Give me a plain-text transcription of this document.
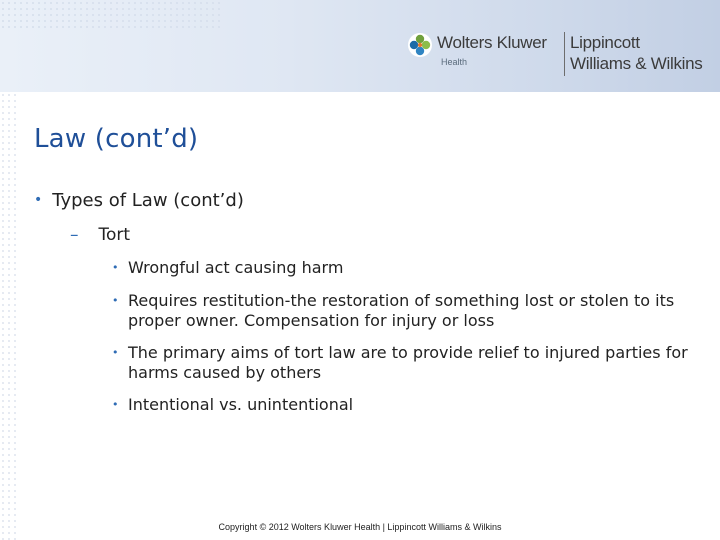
Wolters Kluwer
Health
Lippincott
Williams & Wilkins
Law (cont’d)
• Types of Law (cont’d)
– Tort
• Wrongful act causing harm
• Requires restitution-the restoration of something lost or stolen to its proper owner. Compensation for injury or loss
• The primary aims of tort law are to provide relief to injured parties for harms caused by others
• Intentional vs. unintentional
Copyright © 2012 Wolters Kluwer Health | Lippincott Williams & Wilkins
